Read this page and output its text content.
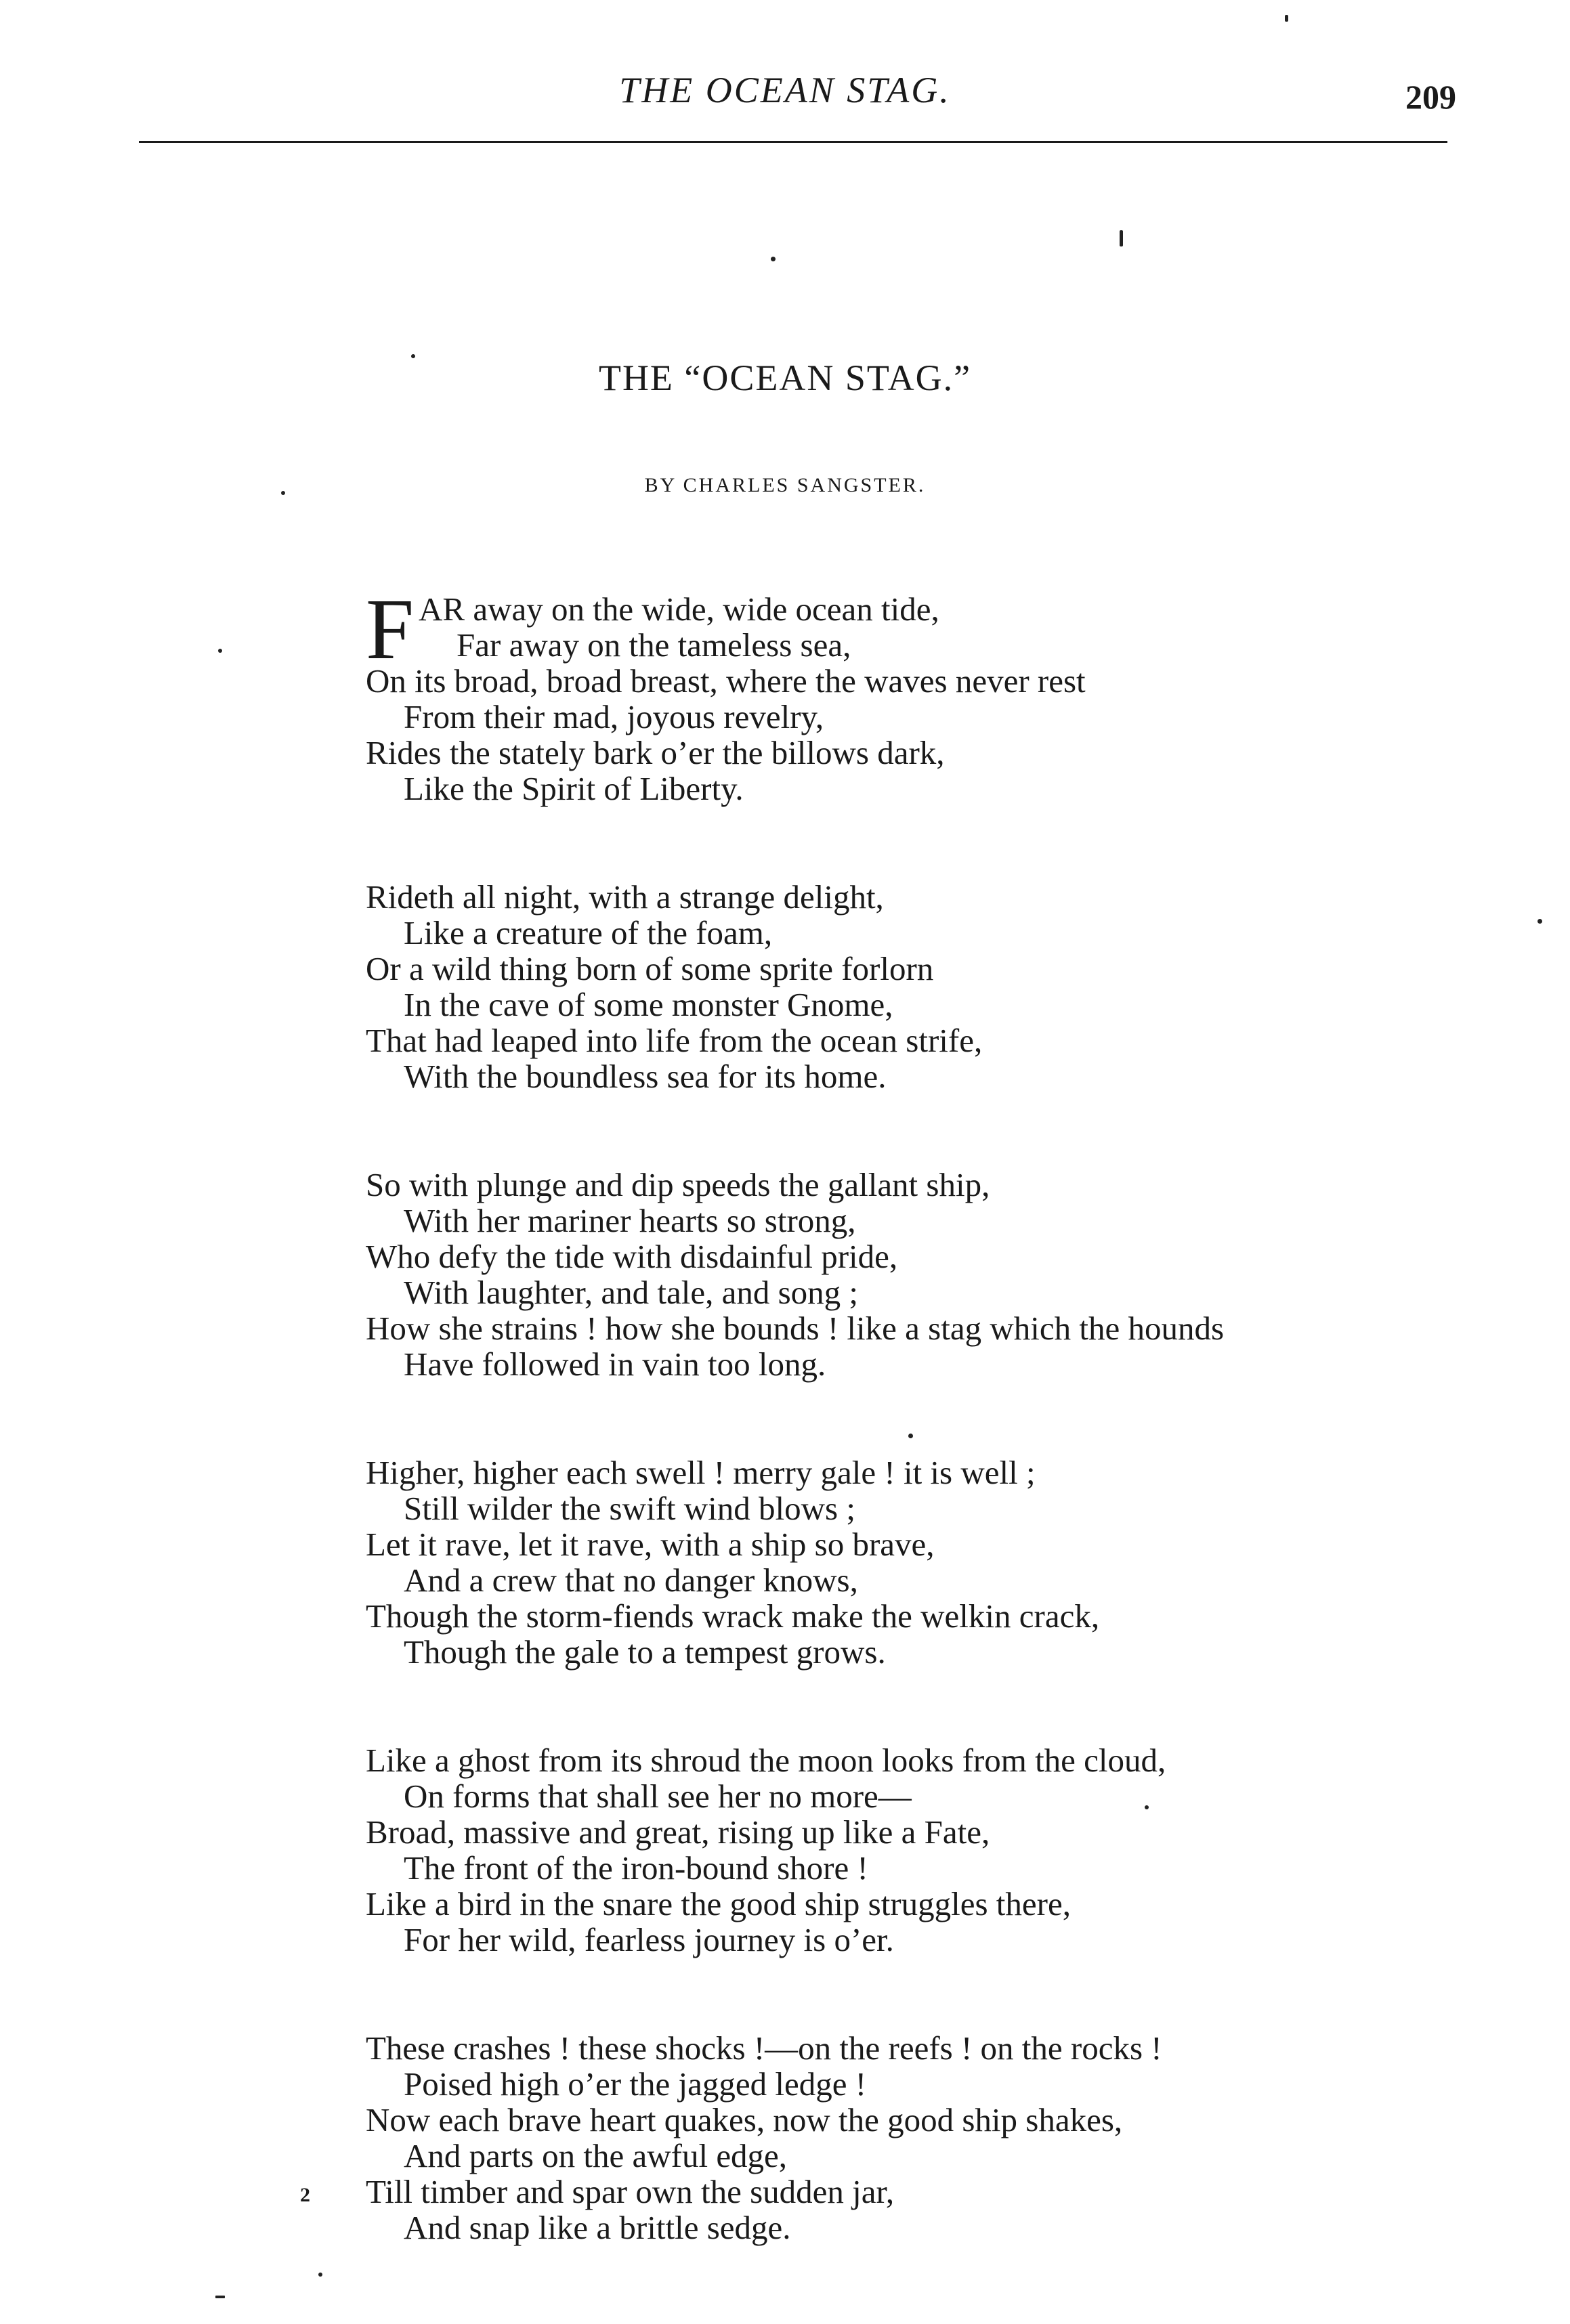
THE OCEAN STAG.	209
THE “OCEAN STAG.”
BY CHARLES SANGSTER.
F AR away on the wide, wide ocean tide,
Far away on the tameless sea,
On its broad, broad breast, where the waves never rest
From their mad, joyous revelry,
Rides the stately bark o’er the billows dark,
Like the Spirit of Liberty.
Rideth all night, with a strange delight,
Like a creature of the foam,
Or a wild thing born of some sprite forlorn
In the cave of some monster Gnome,
That had leaped into life from the ocean strife,
With the boundless sea for its home.
So with plunge and dip speeds the gallant ship,
With her mariner hearts so strong,
Who defy the tide with disdainful pride,
With laughter, and tale, and song ;
How she strains ! how she bounds ! like a stag which the hounds
Have followed in vain too long.
Higher, higher each swell ! merry gale ! it is well ;
Still wilder the swift wind blows ;
Let it rave, let it rave, with a ship so brave,
And a crew that no danger knows,
Though the storm-fiends wrack make the welkin crack,
Though the gale to a tempest grows.
Like a ghost from its shroud the moon looks from the cloud,
On forms that shall see her no more—
Broad, massive and great, rising up like a Fate,
The front of the iron-bound shore !
Like a bird in the snare the good ship struggles there,
For her wild, fearless journey is o’er.
These crashes ! these shocks !—on the reefs ! on the rocks !
Poised high o’er the jagged ledge !
Now each brave heart quakes, now the good ship shakes,
And parts on the awful edge,
Till timber and spar own the sudden jar,
And snap like a brittle sedge.
2
